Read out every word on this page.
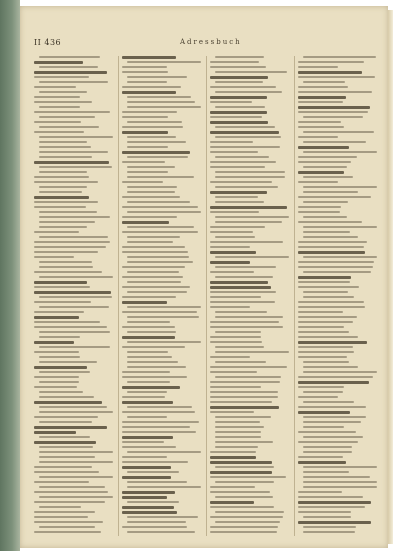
II 436	Adressbuch
